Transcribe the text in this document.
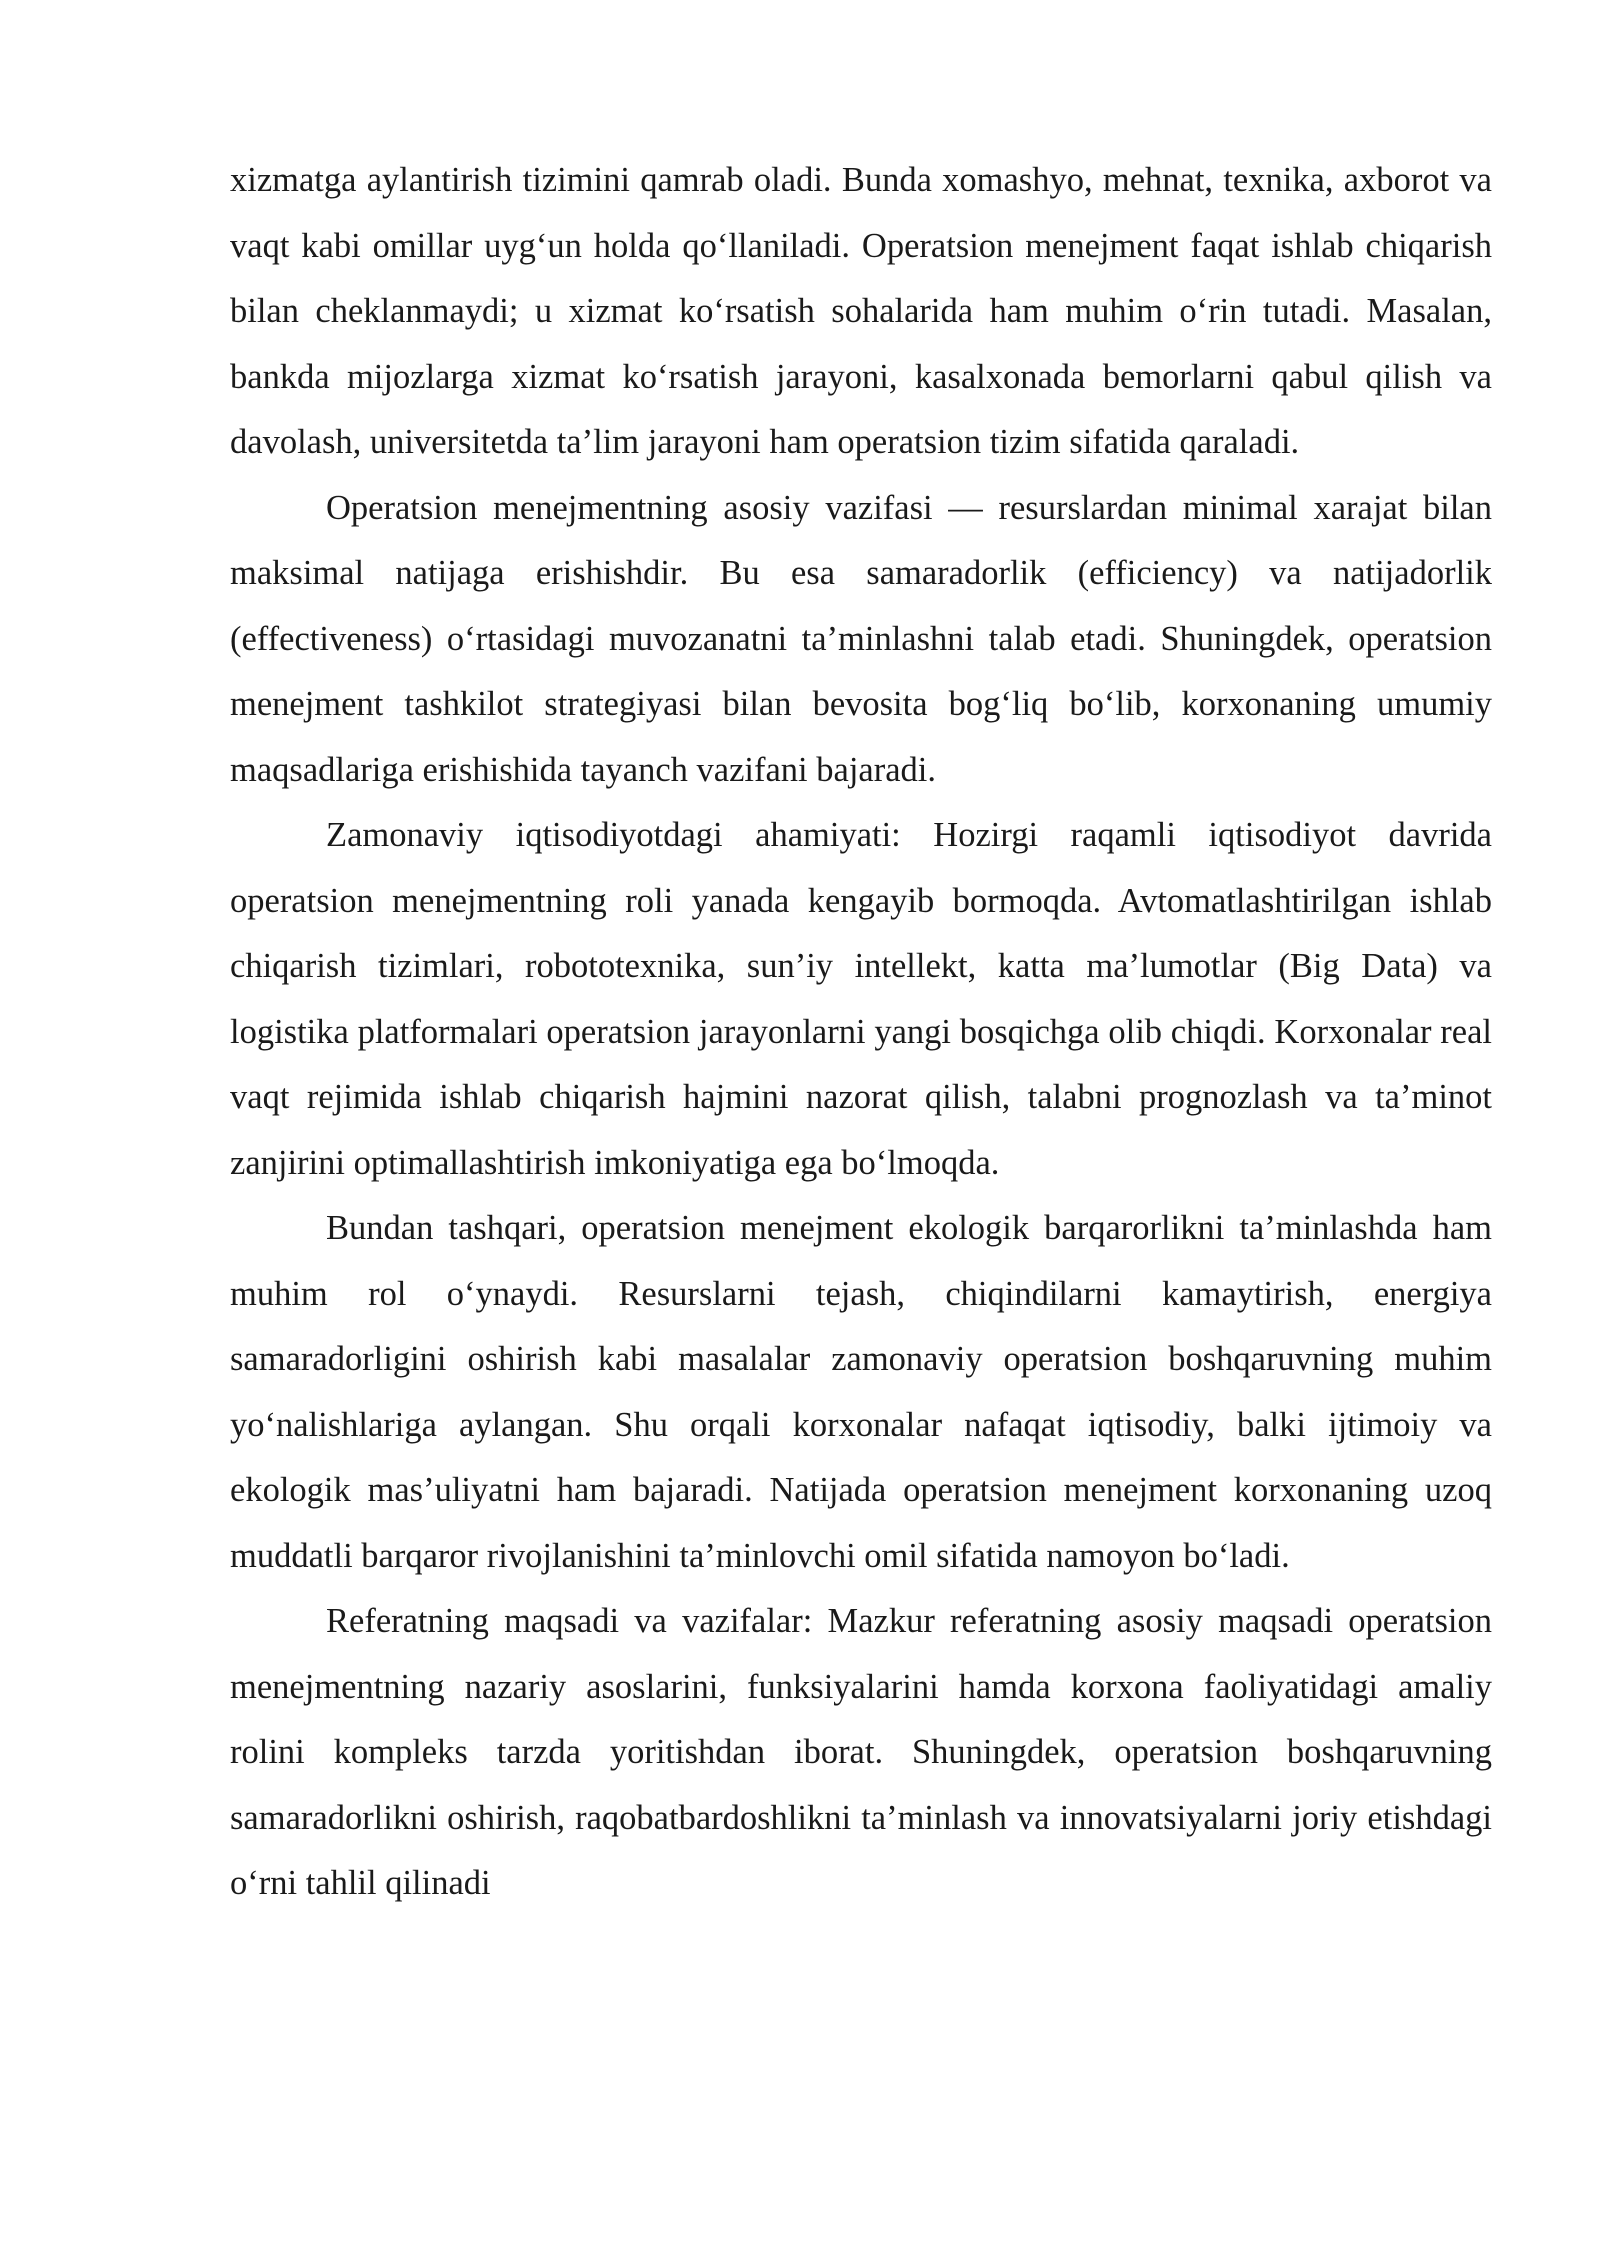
xizmatga aylantirish tizimini qamrab oladi. Bunda xomashyo, mehnat, texnika, axborot va vaqt kabi omillar uyg‘un holda qo‘llaniladi. Operatsion menejment faqat ishlab chiqarish bilan cheklanmaydi; u xizmat ko‘rsatish sohalarida ham muhim o‘rin tutadi. Masalan, bankda mijozlarga xizmat ko‘rsatish jarayoni, kasalxonada bemorlarni qabul qilish va davolash, universitetda ta’lim jarayoni ham operatsion tizim sifatida qaraladi.

Operatsion menejmentning asosiy vazifasi — resurslardan minimal xarajat bilan maksimal natijaga erishishdir. Bu esa samaradorlik (efficiency) va natijadorlik (effectiveness) o‘rtasidagi muvozanatni ta’minlashni talab etadi. Shuningdek, operatsion menejment tashkilot strategiyasi bilan bevosita bog‘liq bo‘lib, korxonaning umumiy maqsadlariga erishishida tayanch vazifani bajaradi.

Zamonaviy iqtisodiyotdagi ahamiyati: Hozirgi raqamli iqtisodiyot davrida operatsion menejmentning roli yanada kengayib bormoqda. Avtomatlashtirilgan ishlab chiqarish tizimlari, robototexnika, sun’iy intellekt, katta ma’lumotlar (Big Data) va logistika platformalari operatsion jarayonlarni yangi bosqichga olib chiqdi. Korxonalar real vaqt rejimida ishlab chiqarish hajmini nazorat qilish, talabni prognozlash va ta’minot zanjirini optimallashtirish imkoniyatiga ega bo‘lmoqda.

Bundan tashqari, operatsion menejment ekologik barqarorlikni ta’minlashda ham muhim rol o‘ynaydi. Resurslarni tejash, chiqindilarni kamaytirish, energiya samaradorligini oshirish kabi masalalar zamonaviy operatsion boshqaruvning muhim yo‘nalishlariga aylangan. Shu orqali korxonalar nafaqat iqtisodiy, balki ijtimoiy va ekologik mas’uliyatni ham bajaradi. Natijada operatsion menejment korxonaning uzoq muddatli barqaror rivojlanishini ta’minlovchi omil sifatida namoyon bo‘ladi.

Referatning maqsadi va vazifalar: Mazkur referatning asosiy maqsadi operatsion menejmentning nazariy asoslarini, funksiyalarini hamda korxona faoliyatidagi amaliy rolini kompleks tarzda yoritishdan iborat. Shuningdek, operatsion boshqaruvning samaradorlikni oshirish, raqobatbardoshlikni ta’minlash va innovatsiyalarni joriy etishdagi o‘rni tahlil qilinadi
